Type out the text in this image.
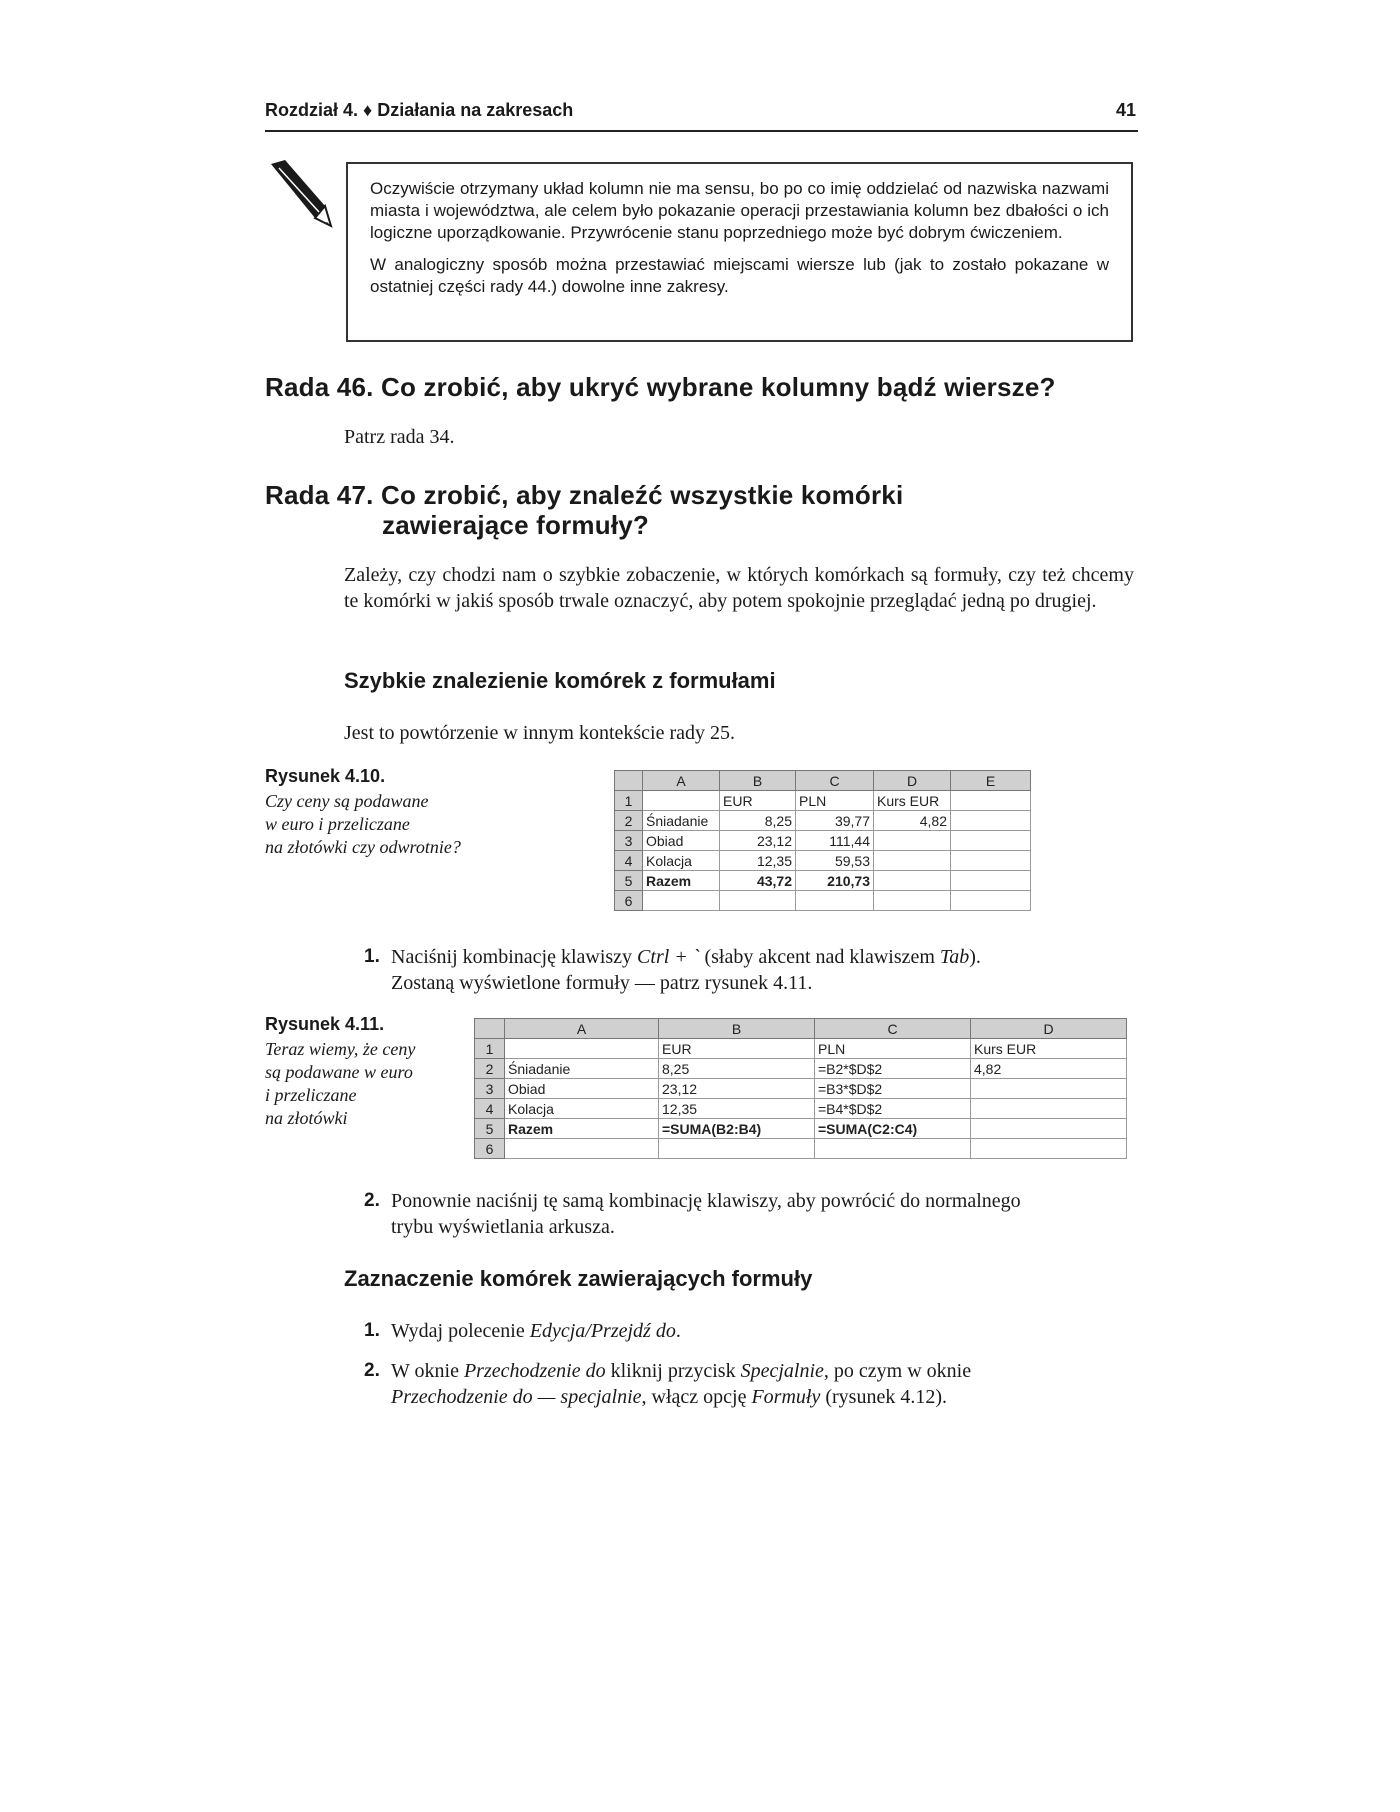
Rozdział 4. ♦ Działania na zakresach	41

Oczywiście otrzymany układ kolumn nie ma sensu, bo po co imię oddzielać od nazwiska nazwami miasta i województwa, ale celem było pokazanie operacji przestawiania kolumn bez dbałości o ich logiczne uporządkowanie. Przywrócenie stanu poprzedniego może być dobrym ćwiczeniem.

W analogiczny sposób można przestawiać miejscami wiersze lub (jak to zostało pokazane w ostatniej części rady 44.) dowolne inne zakresy.

Rada 46. Co zrobić, aby ukryć wybrane kolumny bądź wiersze?
Patrz rada 34.
Rada 47. Co zrobić, aby znaleźć wszystkie komórki
zawierające formuły?
Zależy, czy chodzi nam o szybkie zobaczenie, w których komórkach są formuły, czy też chcemy te komórki w jakiś sposób trwale oznaczyć, aby potem spokojnie przeglądać jedną po drugiej.
Szybkie znalezienie komórek z formułami
Jest to powtórzenie w innym kontekście rady 25.
Rysunek 4.10.
Czy ceny są podawane
w euro i przeliczane
na złotówki czy odwrotnie?
	A	B	C	D	E
1		EUR	PLN	Kurs EUR	
2	Śniadanie	8,25	39,77	4,82	
3	Obiad	23,12	111,44		
4	Kolacja	12,35	59,53		
5	Razem	43,72	210,73		
6					
1. Naciśnij kombinację klawiszy Ctrl + ` (słaby akcent nad klawiszem Tab).
Zostaną wyświetlone formuły — patrz rysunek 4.11.
Rysunek 4.11.
Teraz wiemy, że ceny
są podawane w euro
i przeliczane
na złotówki
	A	B	C	D
1		EUR	PLN	Kurs EUR
2	Śniadanie	8,25	=B2*$D$2	4,82
3	Obiad	23,12	=B3*$D$2	
4	Kolacja	12,35	=B4*$D$2	
5	Razem	=SUMA(B2:B4)	=SUMA(C2:C4)	
6				
2. Ponownie naciśnij tę samą kombinację klawiszy, aby powrócić do normalnego
trybu wyświetlania arkusza.
Zaznaczenie komórek zawierających formuły
1. Wydaj polecenie Edycja/Przejdź do.
2. W oknie Przechodzenie do kliknij przycisk Specjalnie, po czym w oknie
Przechodzenie do — specjalnie, włącz opcję Formuły (rysunek 4.12).
